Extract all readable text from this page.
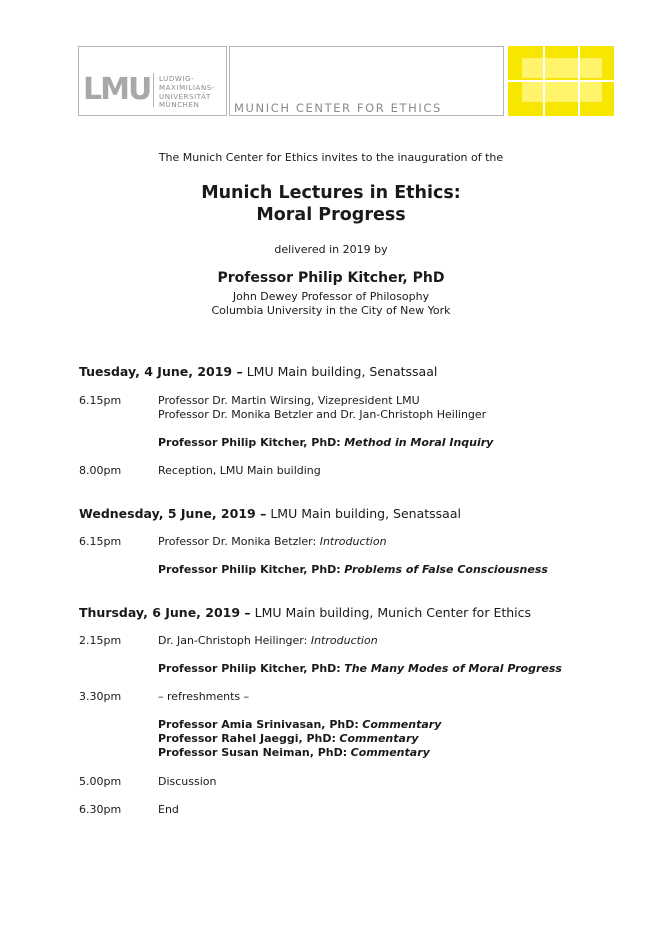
LMU LUDWIG-
MAXIMILIANS-
UNIVERSITÄT
MÜNCHEN	MUNICH CENTER FOR ETHICS
The Munich Center for Ethics invites to the inauguration of the
Munich Lectures in Ethics:
Moral Progress
delivered in 2019 by
Professor Philip Kitcher, PhD
John Dewey Professor of Philosophy
Columbia University in the City of New York
Tuesday, 4 June, 2019 – LMU Main building, Senatssaal
6.15pm	Professor Dr. Martin Wirsing, Vizepresident LMU
Professor Dr. Monika Betzler and Dr. Jan-Christoph Heilinger
Professor Philip Kitcher, PhD: Method in Moral Inquiry
8.00pm	Reception, LMU Main building
Wednesday, 5 June, 2019 – LMU Main building, Senatssaal
6.15pm	Professor Dr. Monika Betzler: Introduction
Professor Philip Kitcher, PhD: Problems of False Consciousness
Thursday, 6 June, 2019 – LMU Main building, Munich Center for Ethics
2.15pm	Dr. Jan-Christoph Heilinger: Introduction
Professor Philip Kitcher, PhD: The Many Modes of Moral Progress
3.30pm	– refreshments –
Professor Amia Srinivasan, PhD: Commentary
Professor Rahel Jaeggi, PhD: Commentary
Professor Susan Neiman, PhD: Commentary
5.00pm	Discussion
6.30pm	End
